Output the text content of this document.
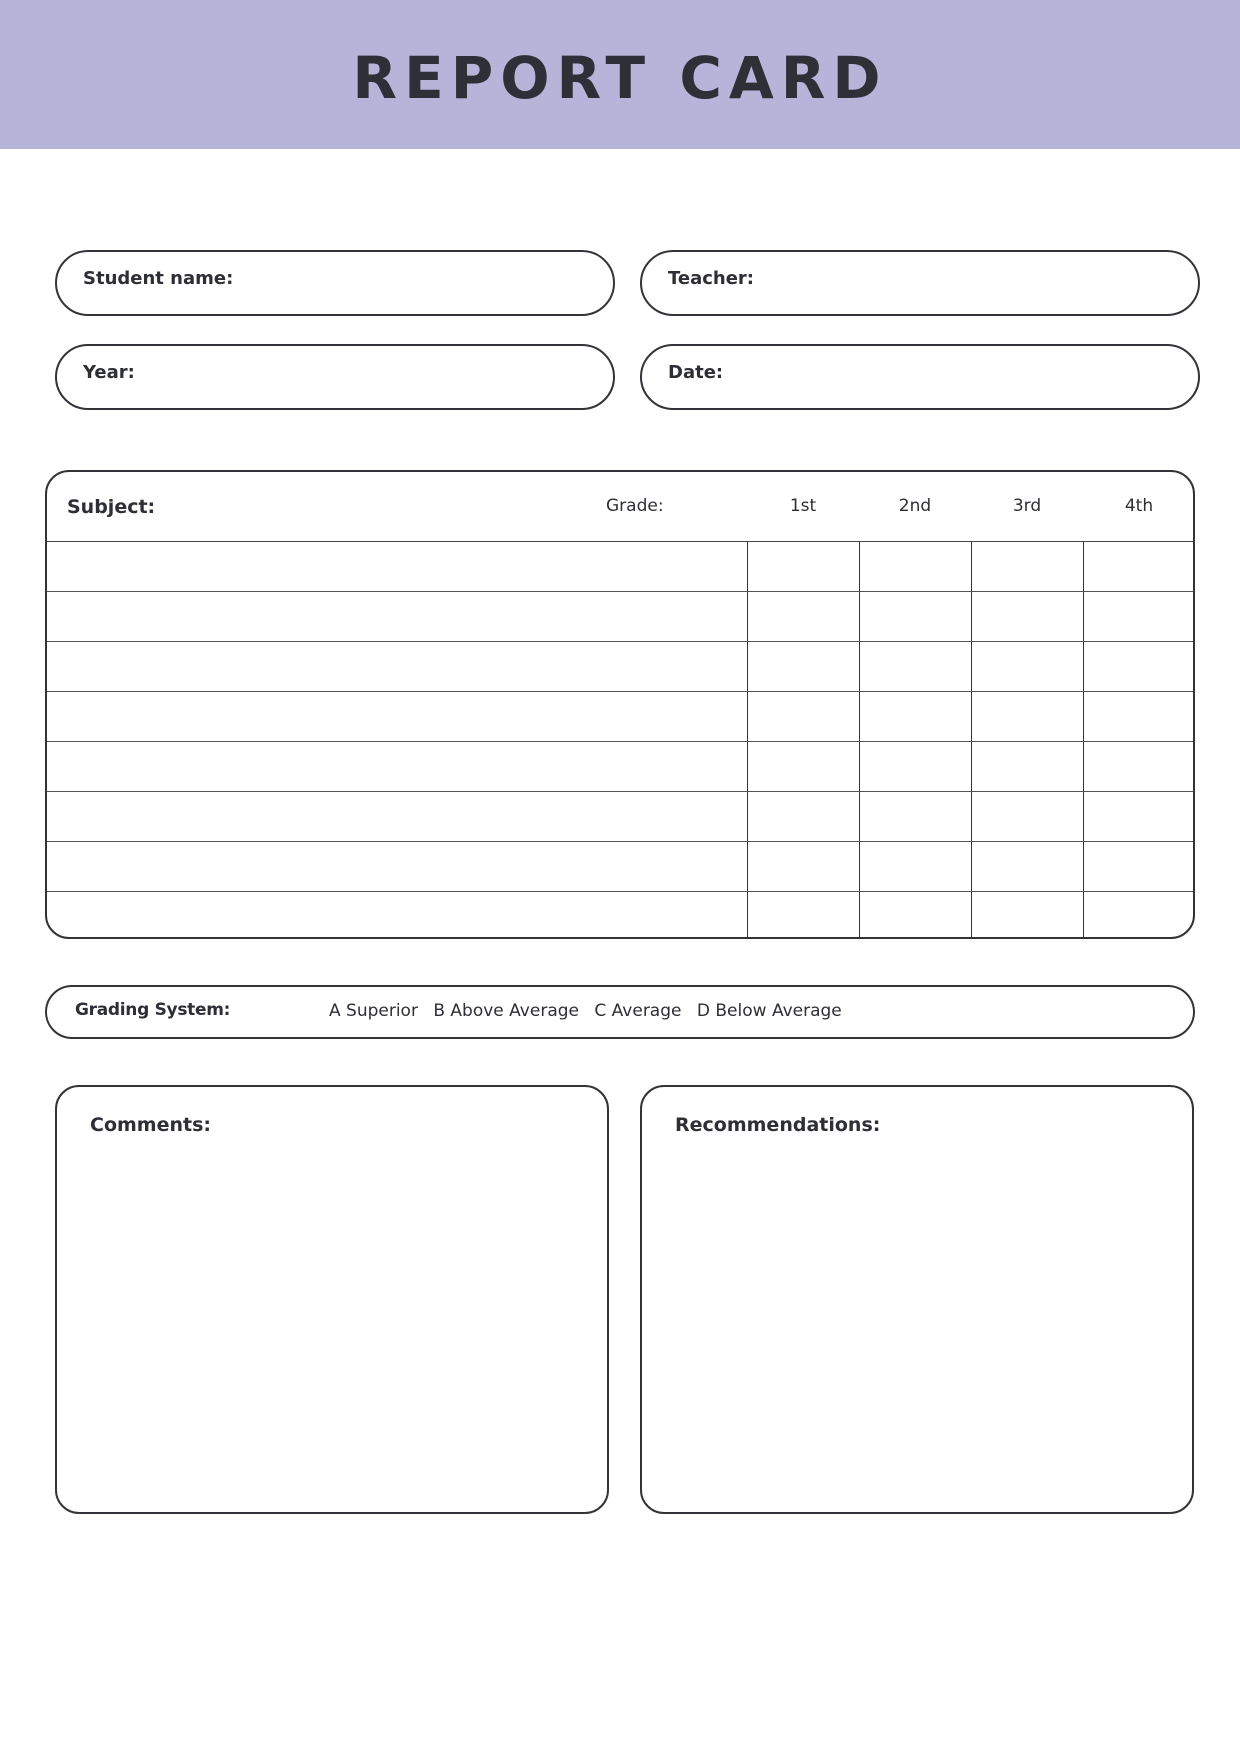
REPORT CARD
Student name:	Teacher:
Year:	Date:
Subject:	Grade:	1st	2nd	3rd	4th
Grading System:	A Superior B Above Average C Average D Below Average
Comments:	Recommendations:
